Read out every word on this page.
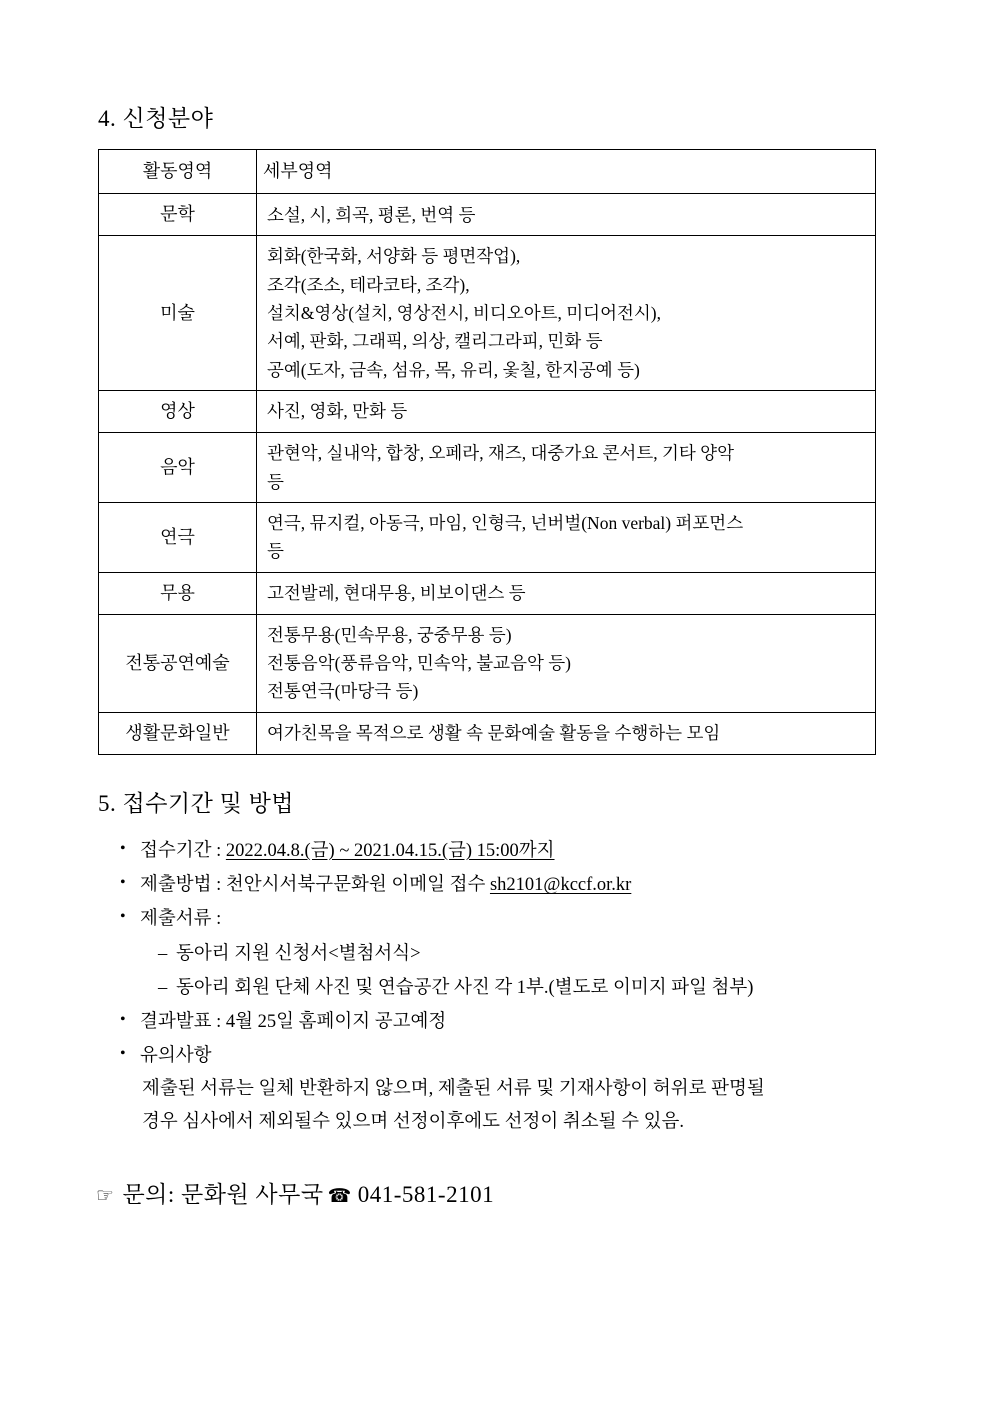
4. 신청분야
활동영역	세부영역
문학	소설, 시, 희곡, 평론, 번역 등

미술	회화(한국화, 서양화 등 평면작업),
조각(조소, 테라코타, 조각),
설치&영상(설치, 영상전시, 비디오아트, 미디어전시),
서예, 판화, 그래픽, 의상, 캘리그라피, 민화 등
공예(도자, 금속, 섬유, 목, 유리, 옻칠, 한지공예 등)

영상	사진, 영화, 만화 등

음악	관현악, 실내악, 합창, 오페라, 재즈, 대중가요 콘서트, 기타 양악
등

연극	연극, 뮤지컬, 아동극, 마임, 인형극, 넌버벌(Non verbal) 퍼포먼스
등

무용	고전발레, 현대무용, 비보이댄스 등

전통공연예술	전통무용(민속무용, 궁중무용 등)
전통음악(풍류음악, 민속악, 불교음악 등)
전통연극(마당극 등)

생활문화일반	여가친목을 목적으로 생활 속 문화예술 활동을 수행하는 모임
5. 접수기간 및 방법
• 접수기간 : 2022.04.8.(금) ~ 2021.04.15.(금) 15:00까지
• 제출방법 : 천안시서북구문화원 이메일 접수 sh2101@kccf.or.kr
• 제출서류 :
– 동아리 지원 신청서<별첨서식>
– 동아리 회원 단체 사진 및 연습공간 사진 각 1부.(별도로 이미지 파일 첨부)
• 결과발표 : 4월 25일 홈페이지 공고예정
• 유의사항
제출된 서류는 일체 반환하지 않으며, 제출된 서류 및 기재사항이 허위로 판명될
경우 심사에서 제외될수 있으며 선정이후에도 선정이 취소될 수 있음.
☞ 문의: 문화원 사무국 ☎ 041-581-2101
